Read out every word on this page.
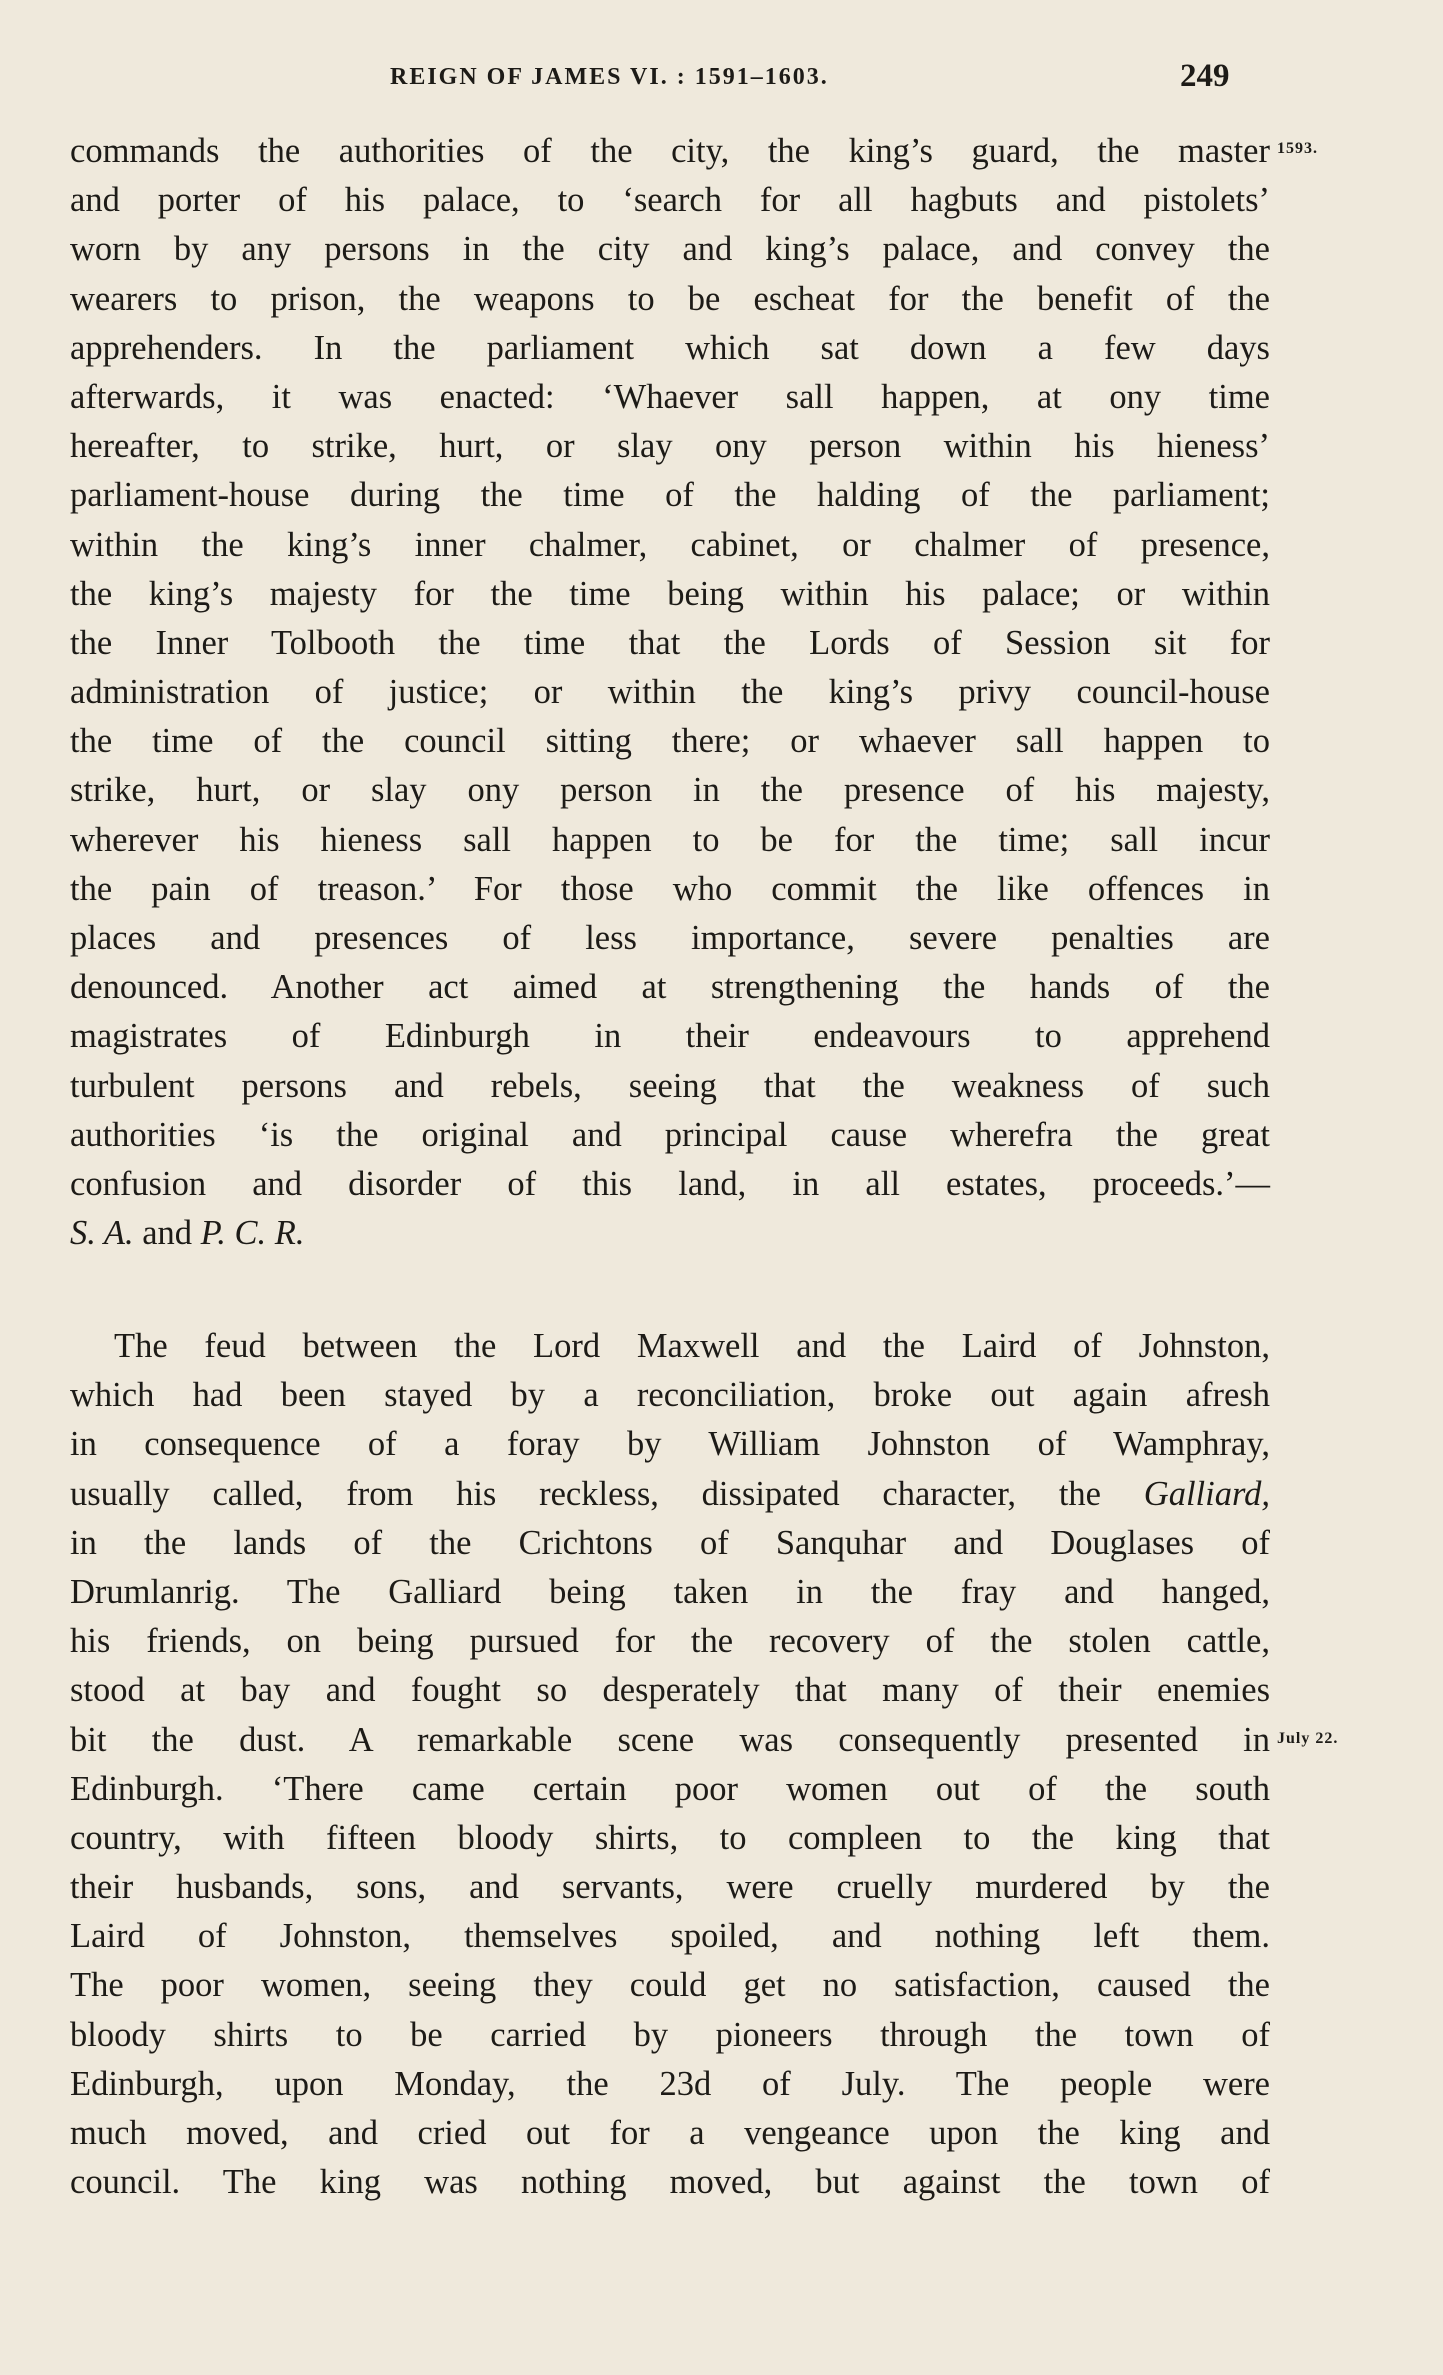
REIGN OF JAMES VI. : 1591–1603.	249
1593.
July 22.
commands the authorities of the city, the king’s guard, the master
and porter of his palace, to ‘search for all hagbuts and pistolets’
worn by any persons in the city and king’s palace, and convey the
wearers to prison, the weapons to be escheat for the benefit of the
apprehenders. In the parliament which sat down a few days
afterwards, it was enacted: ‘Whaever sall happen, at ony time
hereafter, to strike, hurt, or slay ony person within his hieness’
parliament-house during the time of the halding of the parliament;
within the king’s inner chalmer, cabinet, or chalmer of presence,
the king’s majesty for the time being within his palace; or within
the Inner Tolbooth the time that the Lords of Session sit for
administration of justice; or within the king’s privy council-house
the time of the council sitting there; or whaever sall happen to
strike, hurt, or slay ony person in the presence of his majesty,
wherever his hieness sall happen to be for the time; sall incur
the pain of treason.’ For those who commit the like offences in
places and presences of less importance, severe penalties are
denounced. Another act aimed at strengthening the hands of the
magistrates of Edinburgh in their endeavours to apprehend
turbulent persons and rebels, seeing that the weakness of such
authorities ‘is the original and principal cause wherefra the great
confusion and disorder of this land, in all estates, proceeds.’—
S. A. and P. C. R.
The feud between the Lord Maxwell and the Laird of Johnston,
which had been stayed by a reconciliation, broke out again afresh
in consequence of a foray by William Johnston of Wamphray,
usually called, from his reckless, dissipated character, the Galliard,
in the lands of the Crichtons of Sanquhar and Douglases of
Drumlanrig. The Galliard being taken in the fray and hanged,
his friends, on being pursued for the recovery of the stolen cattle,
stood at bay and fought so desperately that many of their enemies
bit the dust. A remarkable scene was consequently presented in
Edinburgh. ‘There came certain poor women out of the south
country, with fifteen bloody shirts, to compleen to the king that
their husbands, sons, and servants, were cruelly murdered by the
Laird of Johnston, themselves spoiled, and nothing left them.
The poor women, seeing they could get no satisfaction, caused the
bloody shirts to be carried by pioneers through the town of
Edinburgh, upon Monday, the 23d of July. The people were
much moved, and cried out for a vengeance upon the king and
council. The king was nothing moved, but against the town of
